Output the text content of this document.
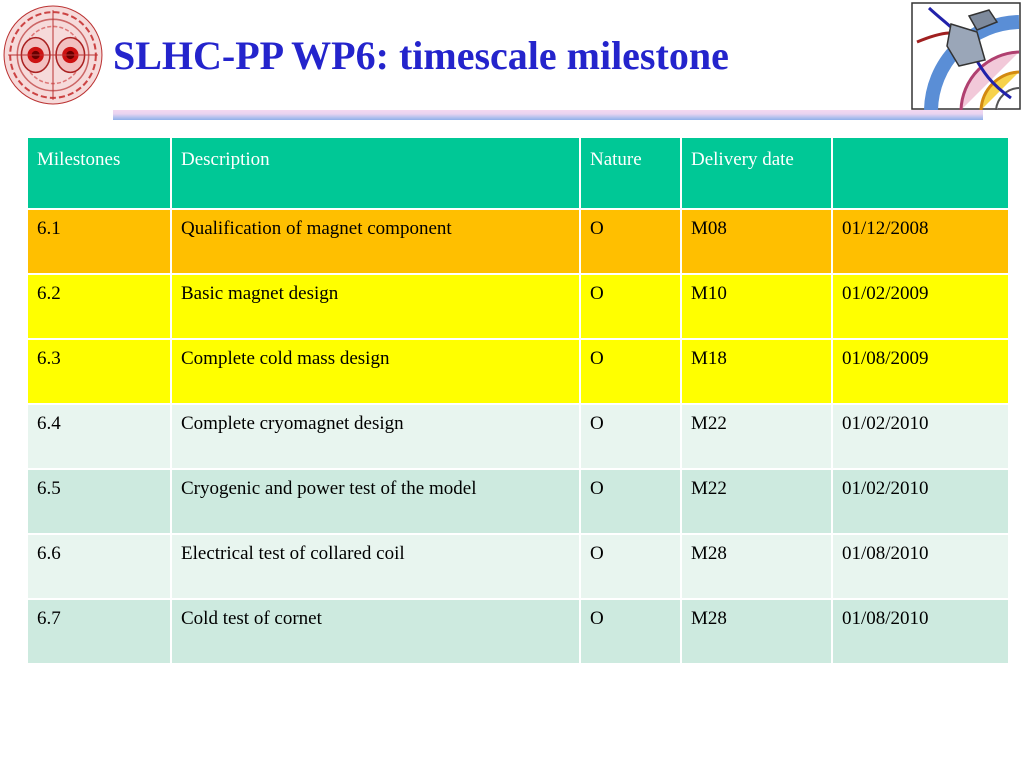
SLHC-PP WP6: timescale milestone
Milestones	Description	Nature	Delivery date	
6.1	Qualification of magnet component	O	M08	01/12/2008
6.2	Basic magnet design	O	M10	01/02/2009
6.3	Complete cold mass design	O	M18	01/08/2009
6.4	Complete cryomagnet design	O	M22	01/02/2010
6.5	Cryogenic and power test of the model	O	M22	01/02/2010
6.6	Electrical test of collared coil	O	M28	01/08/2010
6.7	Cold test of cornet	O	M28	01/08/2010
